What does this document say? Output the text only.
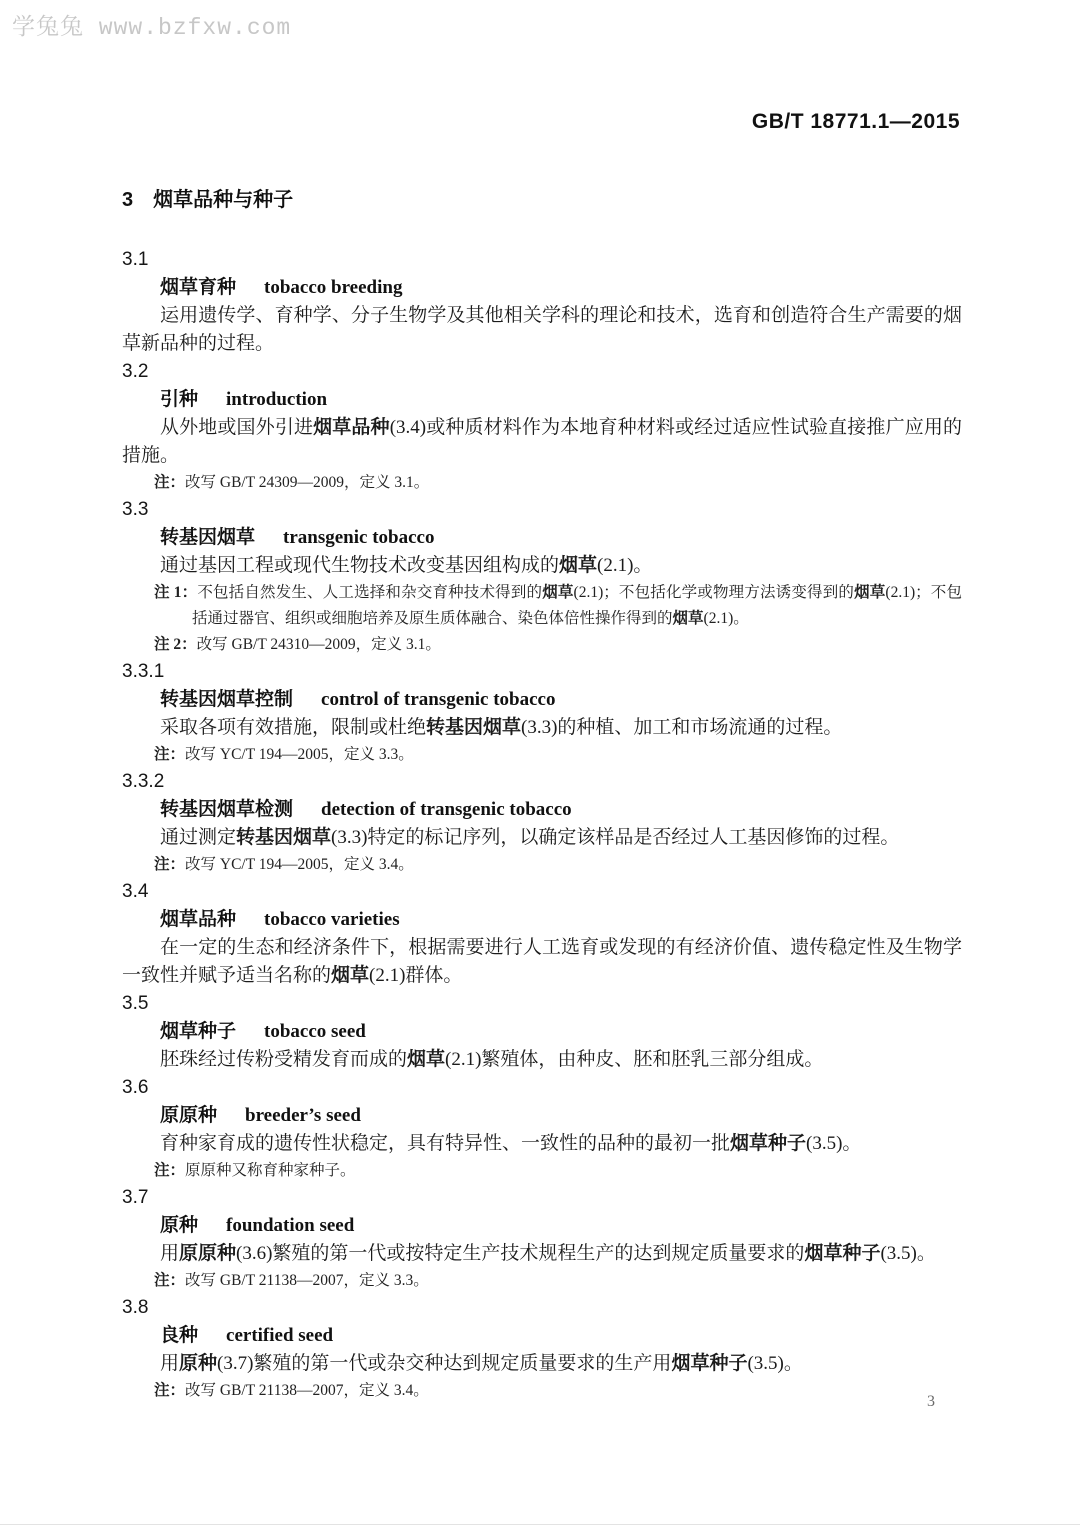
学兔兔 www.bzfxw.com
GB/T 18771.1—2015
3 烟草品种与种子
3.1

烟草育种 tobacco breeding

运用遗传学、育种学、分子生物学及其他相关学科的理论和技术，选育和创造符合生产需要的烟草新品种的过程。

3.2

引种 introduction

从外地或国外引进烟草品种(3.4)或种质材料作为本地育种材料或经过适应性试验直接推广应用的措施。

注：改写 GB/T 24309—2009，定义 3.1。

3.3

转基因烟草 transgenic tobacco

通过基因工程或现代生物技术改变基因组构成的烟草(2.1)。

注 1：不包括自然发生、人工选择和杂交育种技术得到的烟草(2.1)；不包括化学或物理方法诱变得到的烟草(2.1)；不包括通过器官、组织或细胞培养及原生质体融合、染色体倍性操作得到的烟草(2.1)。

注 2：改写 GB/T 24310—2009，定义 3.1。

3.3.1

转基因烟草控制 control of transgenic tobacco

采取各项有效措施，限制或杜绝转基因烟草(3.3)的种植、加工和市场流通的过程。

注：改写 YC/T 194—2005，定义 3.3。

3.3.2

转基因烟草检测 detection of transgenic tobacco

通过测定转基因烟草(3.3)特定的标记序列，以确定该样品是否经过人工基因修饰的过程。

注：改写 YC/T 194—2005，定义 3.4。

3.4

烟草品种 tobacco varieties

在一定的生态和经济条件下，根据需要进行人工选育或发现的有经济价值、遗传稳定性及生物学一致性并赋予适当名称的烟草(2.1)群体。

3.5

烟草种子 tobacco seed

胚珠经过传粉受精发育而成的烟草(2.1)繁殖体，由种皮、胚和胚乳三部分组成。

3.6

原原种 breeder’s seed

育种家育成的遗传性状稳定，具有特异性、一致性的品种的最初一批烟草种子(3.5)。

注：原原种又称育种家种子。

3.7

原种 foundation seed

用原原种(3.6)繁殖的第一代或按特定生产技术规程生产的达到规定质量要求的烟草种子(3.5)。

注：改写 GB/T 21138—2007，定义 3.3。

3.8

良种 certified seed

用原种(3.7)繁殖的第一代或杂交种达到规定质量要求的生产用烟草种子(3.5)。

注：改写 GB/T 21138—2007，定义 3.4。

3
